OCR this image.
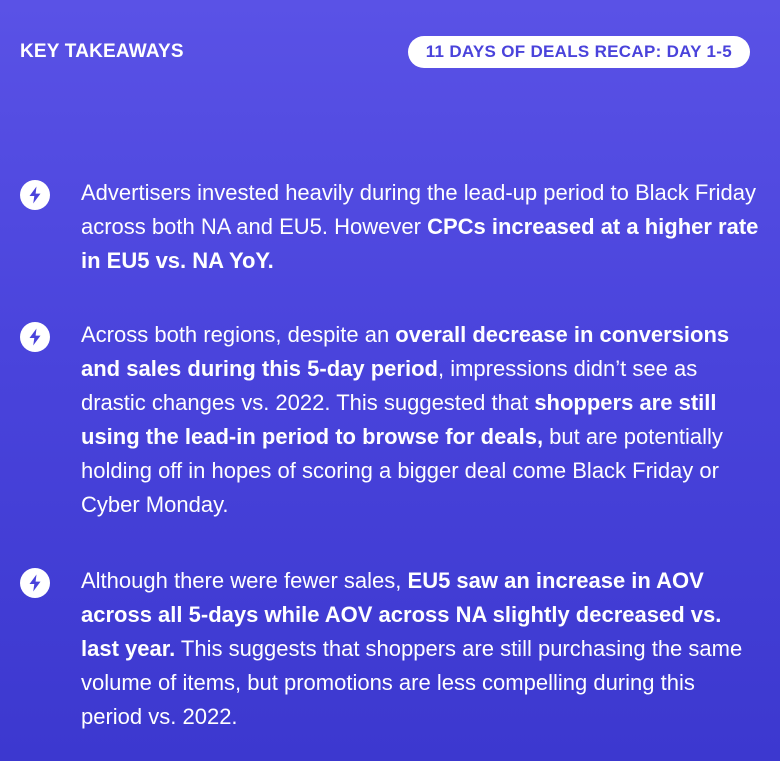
KEY TAKEAWAYS	11 DAYS OF DEALS RECAP: DAY 1-5
Advertisers invested heavily during the lead-up period to Black Friday across both NA and EU5. However CPCs increased at a higher rate in EU5 vs. NA YoY.
Across both regions, despite an overall decrease in conversions and sales during this 5-day period, impressions didn’t see as drastic changes vs. 2022. This suggested that shoppers are still using the lead-in period to browse for deals, but are potentially holding off in hopes of scoring a bigger deal come Black Friday or Cyber Monday.
Although there were fewer sales, EU5 saw an increase in AOV across all 5-days while AOV across NA slightly decreased vs. last year. This suggests that shoppers are still purchasing the same volume of items, but promotions are less compelling during this period vs. 2022.
